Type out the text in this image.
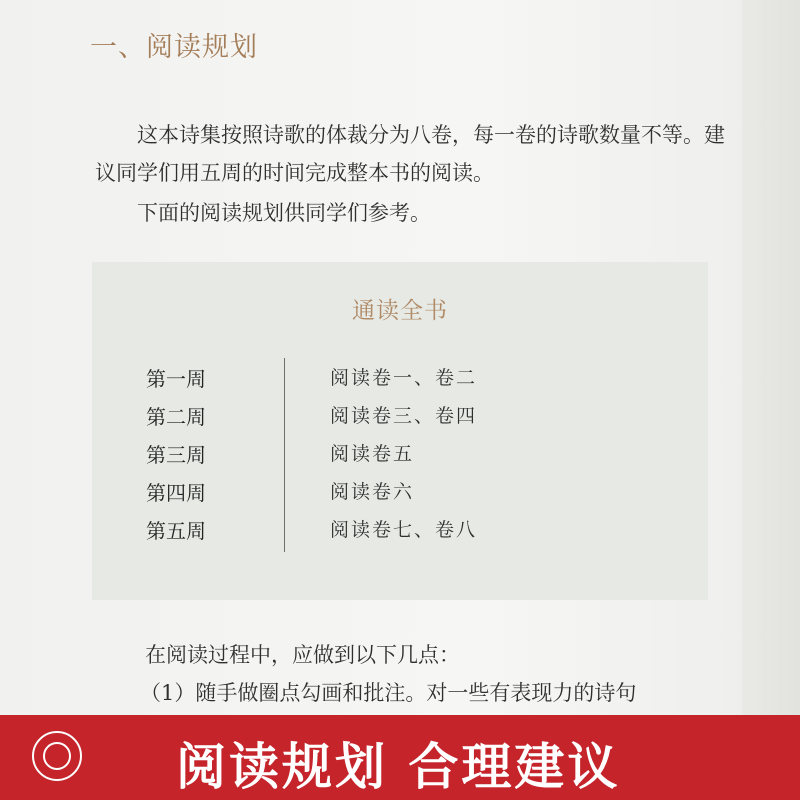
一、阅读规划

这本诗集按照诗歌的体裁分为八卷，每一卷的诗歌数量不等。建议同学们用五周的时间完成整本书的阅读。

下面的阅读规划供同学们参考。

通读全书
第一周	阅读卷一、卷二
第二周	阅读卷三、卷四
第三周	阅读卷五
第四周	阅读卷六
第五周	阅读卷七、卷八

在阅读过程中，应做到以下几点：

（1）随手做圈点勾画和批注。对一些有表现力的诗句

阅读规划 合理建议
